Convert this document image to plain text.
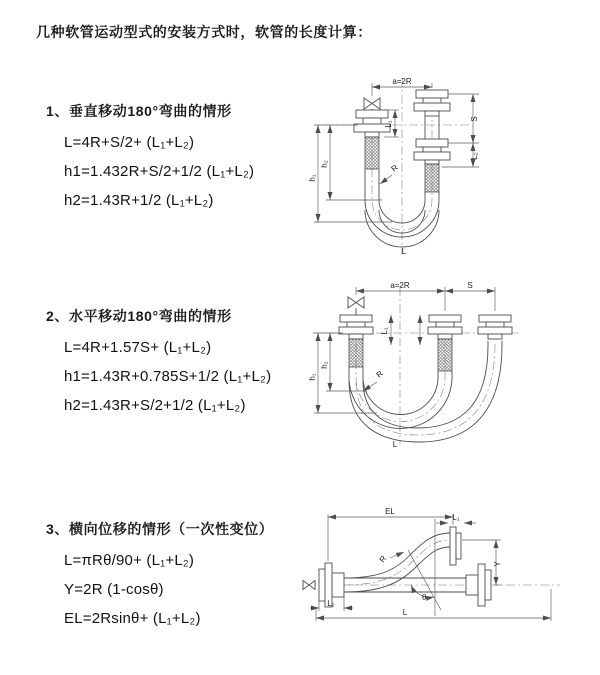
几种软管运动型式的安装方式时，软管的长度计算：
1、垂直移动180°弯曲的情形
L=4R+S/2+ (L₁+L₂)
h1=1.432R+S/2+1/2 (L₁+L₂)
h2=1.43R+1/2 (L₁+L₂)
2、水平移动180°弯曲的情形
L=4R+1.57S+ (L₁+L₂)
h1=1.43R+0.785S+1/2 (L₁+L₂)
h2=1.43R+S/2+1/2 (L₁+L₂)
3、横向位移的情形（一次性变位）
L=πRθ/90+ (L₁+L₂)
Y=2R (1-cosθ)
EL=2Rsinθ+ (L₁+L₂)
a=2R
S
L₂
L₁
h₁
h₂	R
L
a=2R	S
h₁
h₂
L₁
R
L
EL
L₁
Y
θ
R
L₂
L
